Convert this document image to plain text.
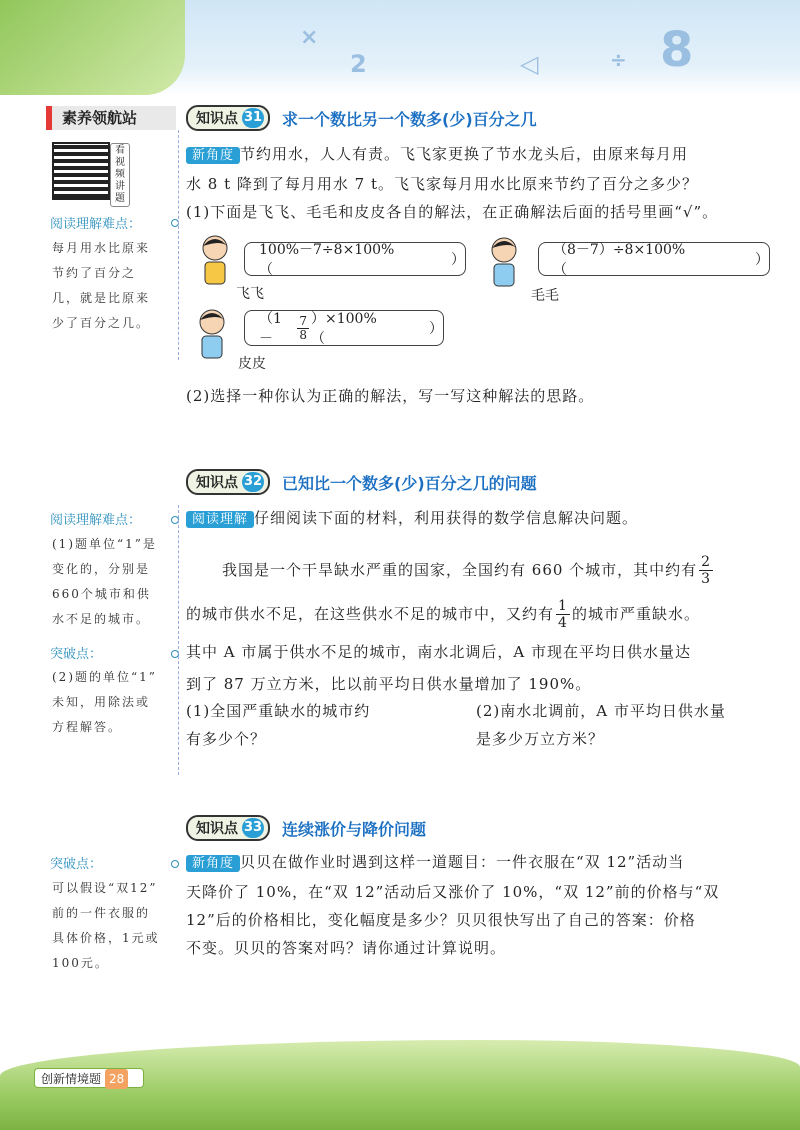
×
2	◁	÷ 8
素养领航站
看视频讲题
阅读理解难点：
每月用水比原来
节约了百分之
几，就是比原来
少了百分之几。
阅读理解难点：
(1)题单位“1”是
变化的，分别是
660个城市和供
水不足的城市。
突破点：
(2)题的单位“1”
未知，用除法或
方程解答。
突破点：
可以假设“双12”
前的一件衣服的
具体价格，1元或
100元。
知识点 31 求一个数比另一个数多(少)百分之几
新角度 节约用水，人人有责。飞飞家更换了节水龙头后，由原来每月用
水 8 t 降到了每月用水 7 t。飞飞家每月用水比原来节约了百分之多少？
(1)下面是飞飞、毛毛和皮皮各自的解法，在正确解法后面的括号里画“√”。
100%－7÷8×100%（
）
飞飞
（8－7）÷8×100%（
）
毛毛
（1－	$\frac{7}{8} )\times 100\%$（
）
皮皮
(2)选择一种你认为正确的解法，写一写这种解法的思路。
知识点 32 已知比一个数多(少)百分之几的问题
阅读理解 仔细阅读下面的材料，利用获得的数学信息解决问题。
我国是一个干旱缺水严重的国家，全国约有 660 个城市，其中约有 $\frac{2}{3}$
的城市供水不足，在这些供水不足的城市中，又约有 $\frac{1}{4}$ 的城市严重缺水。
其中 A 市属于供水不足的城市，南水北调后，A 市现在平均日供水量达
到了 87 万立方米，比以前平均日供水量增加了 190%。
(1)全国严重缺水的城市约
有多少个？
(2)南水北调前，A 市平均日供水量
是多少万立方米？
知识点 33 连续涨价与降价问题
新角度 贝贝在做作业时遇到这样一道题目：一件衣服在“双 12”活动当
天降价了 10%，在“双 12”活动后又涨价了 10%，“双 12”前的价格与“双
12”后的价格相比，变化幅度是多少？贝贝很快写出了自己的答案：价格
不变。贝贝的答案对吗？请你通过计算说明。
创新情境题 28
